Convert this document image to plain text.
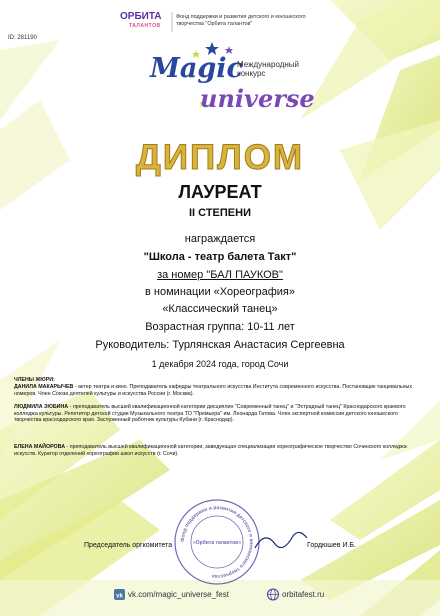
ID: 281190
ОРБИТА
ТАЛАНТОВ
Фонд поддержки и развития детского и юношеского творчества "Орбита талантов"
Magic
universe
Международный конкурс
ДИПЛОМ
ЛАУРЕАТ
II СТЕПЕНИ
награждается
"Школа - театр балета Такт"
за номер "БАЛ ПАУКОВ"
в номинации «Хореография»
«Классический танец»
Возрастная группа: 10-11 лет
Руководитель: Турлянская Анастасия Сергеевна
1 декабря 2024 года, город Сочи
ЧЛЕНЫ ЖЮРИ:
ДАНИЛА МАКАРЫЧЕВ - актер театра и кино. Преподаватель кафедры театрального искусства Института современного искусства. Постановщик танцевальных номеров. Член Союза деятелей культуры и искусства России (г. Москва).
ЛЮДМИЛА ЗЮБИНА - преподаватель высшей квалификационной категории дисциплин "Современный танец" и "Эстрадный танец" Краснодарского краевого колледжа культуры. Репетитор детской студии Музыкального театра ТО "Премьера" им. Леонарда Гатова. Член экспертной комиссии детского юношеского творчества краснодарского края. Заслуженный работник культуры Кубани (г. Краснодар).
ЕЛЕНА МАЙОРОВА - преподаватель высшей квалификационной категории, заведующая специализации хореографическое творчество Сочинского колледжа искусств. Куратор отделений хореографии школ искусств (г. Сочи).
Фонд поддержки и развития детского и юношеского творчества
«Орбита талантов»
Председатель оргкомитета	Гордюшев И.Б.
vk vk.com/magic_universe_fest	orbitafest.ru
